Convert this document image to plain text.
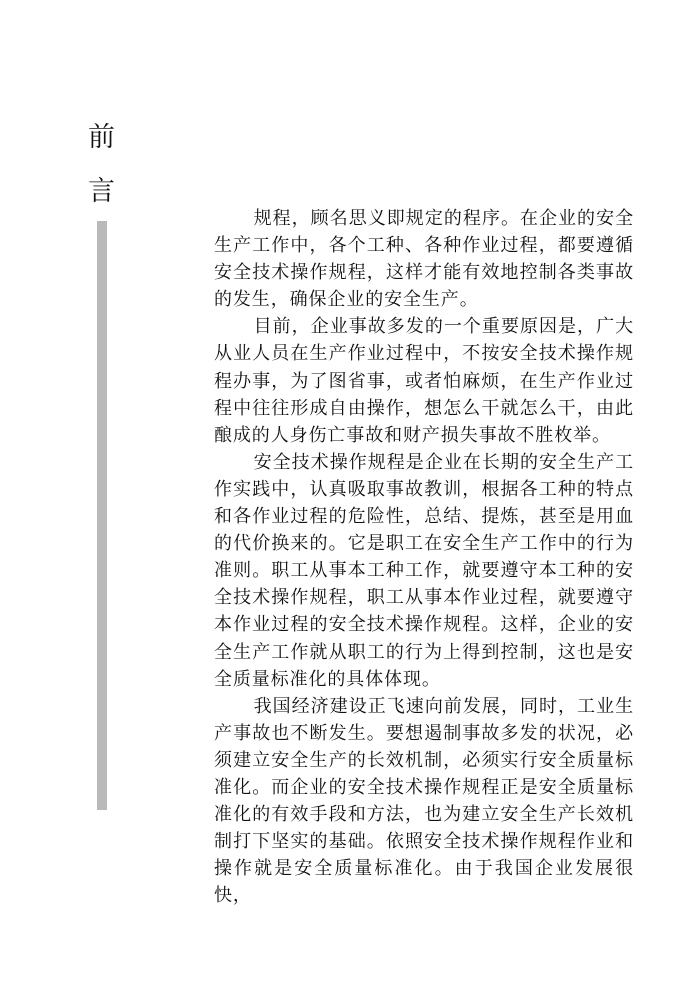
前
言

规程，顾名思义即规定的程序。在企业的安全生产工作中，各个工种、各种作业过程，都要遵循安全技术操作规程，这样才能有效地控制各类事故的发生，确保企业的安全生产。

目前，企业事故多发的一个重要原因是，广大从业人员在生产作业过程中，不按安全技术操作规程办事，为了图省事，或者怕麻烦，在生产作业过程中往往形成自由操作，想怎么干就怎么干，由此酿成的人身伤亡事故和财产损失事故不胜枚举。

安全技术操作规程是企业在长期的安全生产工作实践中，认真吸取事故教训，根据各工种的特点和各作业过程的危险性，总结、提炼，甚至是用血的代价换来的。它是职工在安全生产工作中的行为准则。职工从事本工种工作，就要遵守本工种的安全技术操作规程，职工从事本作业过程，就要遵守本作业过程的安全技术操作规程。这样，企业的安全生产工作就从职工的行为上得到控制，这也是安全质量标准化的具体体现。

我国经济建设正飞速向前发展，同时，工业生产事故也不断发生。要想遏制事故多发的状况，必须建立安全生产的长效机制，必须实行安全质量标准化。而企业的安全技术操作规程正是安全质量标准化的有效手段和方法，也为建立安全生产长效机制打下坚实的基础。依照安全技术操作规程作业和操作就是安全质量标准化。由于我国企业发展很快，
